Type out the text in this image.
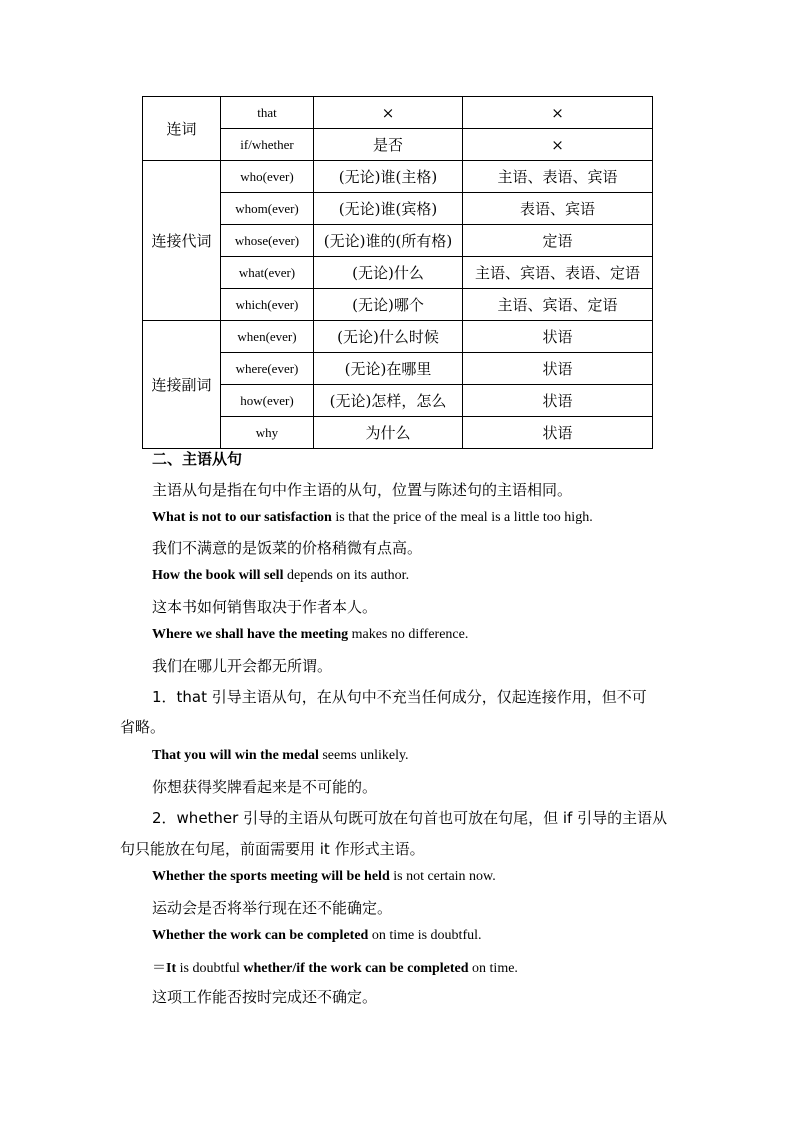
连词	that	×	×
	if/whether	是否	×
连接代词	who(ever)	(无论)谁(主格)	主语、表语、宾语
	whom(ever)	(无论)谁(宾格)	表语、宾语
	whose(ever)	(无论)谁的(所有格)	定语
	what(ever)	(无论)什么	主语、宾语、表语、定语
	which(ever)	(无论)哪个	主语、宾语、定语
连接副词	when(ever)	(无论)什么时候	状语
	where(ever)	(无论)在哪里	状语
	how(ever)	(无论)怎样，怎么	状语
	why	为什么	状语
二、主语从句
主语从句是指在句中作主语的从句，位置与陈述句的主语相同。
What is not to our satisfaction is that the price of the meal is a little too high.
我们不满意的是饭菜的价格稍微有点高。
How the book will sell depends on its author.
这本书如何销售取决于作者本人。
Where we shall have the meeting makes no difference.
我们在哪儿开会都无所谓。
1．that 引导主语从句，在从句中不充当任何成分，仅起连接作用，但不可
省略。
That you will win the medal seems unlikely.
你想获得奖牌看起来是不可能的。
2．whether 引导的主语从句既可放在句首也可放在句尾，但 if 引导的主语从
句只能放在句尾，前面需要用 it 作形式主语。
Whether the sports meeting will be held is not certain now.
运动会是否将举行现在还不能确定。
Whether the work can be completed on time is doubtful.
＝It is doubtful whether/if the work can be completed on time.
这项工作能否按时完成还不确定。
